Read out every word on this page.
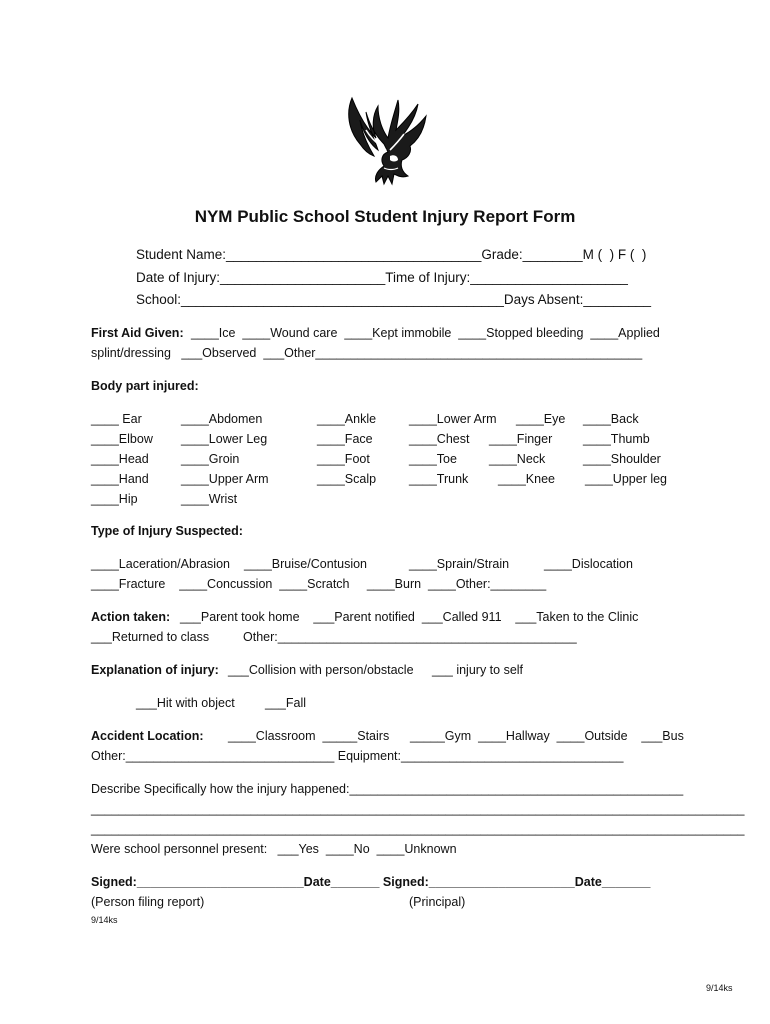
NYM Public School Student Injury Report Form
Student Name:__________________________________Grade:________M (  ) F (  )
Date of Injury:______________________Time of Injury:_____________________
School:___________________________________________Days Absent:_________
First Aid Given: ____Ice  ____Wound care  ____Kept immobile  ____Stopped bleeding  ____Applied
splint/dressing   ___Observed  ___Other_______________________________________________
Body part injured:
____ Ear	____Abdomen	____Ankle	____Lower Arm ____Eye ____Back
____Elbow ____Lower Leg	____Face	____Chest ____Finger ____Thumb
____Head	____Groin	____Foot	____Toe	____Neck	____Shoulder
____Hand	____Upper Arm	____Scalp	____Trunk ____Knee ____Upper leg
____Hip	____Wrist
Type of Injury Suspected:
____Laceration/Abrasion ____Bruise/Contusion	____Sprain/Strain	____Dislocation
____Fracture    ____Concussion  ____Scratch     ____Burn  ____Other:________
Action taken: ___Parent took home    ___Parent notified  ___Called 911    ___Taken to the Clinic
___Returned to class	Other:___________________________________________
Explanation of injury: ___Collision with person/obstacle ___ injury to self
___Hit with object ___Fall
Accident Location: ____Classroom  _____Stairs      _____Gym  ____Hallway  ____Outside    ___Bus
Other:______________________________ Equipment:________________________________
Describe Specifically how the injury happened:________________________________________________
______________________________________________________________________________________________
______________________________________________________________________________________________
Were school personnel present:   ___Yes  ____No  ____Unknown
Signed:________________________Date_______ Signed:_____________________Date_______
(Person filing report)	(Principal)
9/14ks
9/14ks
